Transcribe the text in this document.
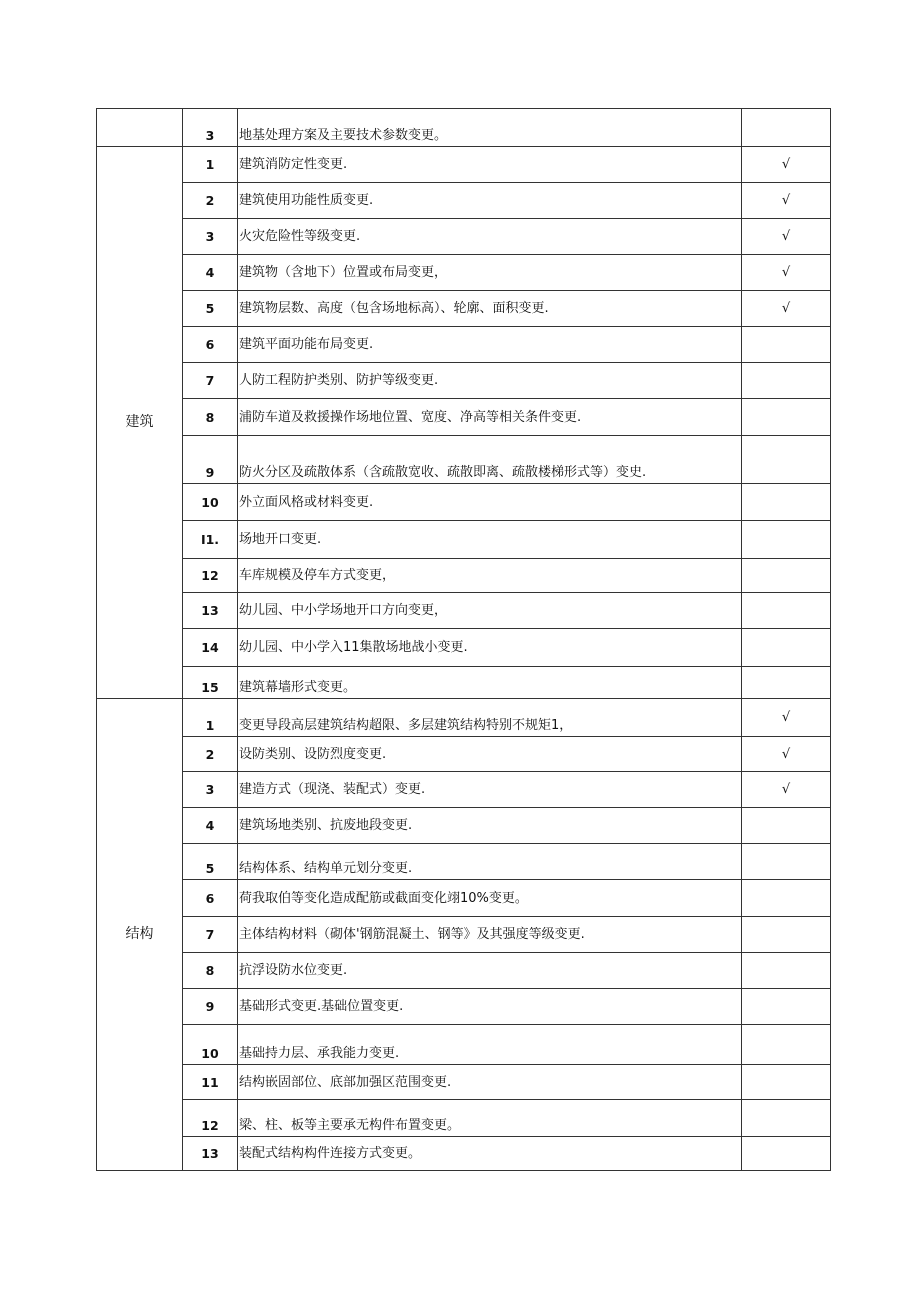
	3	地基处理方案及主要技术参数变更。	
建筑	1	建筑消防定性变更.	√
	2	建筑使用功能性质变更.	√
	3	火灾危险性等级变更.	√
	4	建筑物（含地下）位置或布局变更，	√
	5	建筑物层数、高度（包含场地标高）、轮廓、面积变更.	√
	6	建筑平面功能布局变更.	
	7	人防工程防护类别、防护等级变更.	
	8	浦防车道及救援操作场地位置、宽度、净高等相关条件变更.	
	9	防火分区及疏散体系（含疏散宽收、疏散即离、疏散楼梯形式等）变史.	
	10	外立面风格或材料变更.	
	I1.	场地开口变更.	
	12	车库规模及停车方式变更，	
	13	幼儿园、中小学场地开口方向变更，	
	14	幼儿园、中小学入11集散场地战小变更.	
	15	建筑幕墙形式变更。	
结构	1	变更导段高层建筑结构超限、多层建筑结构特别不规矩1，	√
	2	设防类别、设防烈度变更.	√
	3	建造方式（现浇、装配式）变更.	√
	4	建筑场地类别、抗废地段变更.	
	5	结构体系、结构单元划分变更.	
	6	荷我取伯等变化造成配筋或截面变化翊10%变更。	
	7	主体结构材料（砌体'钢筋混凝土、钢等》及其强度等级变更.	
	8	抗浮设防水位变更.	
	9	基础形式变更.基础位置变更.	
	10	基础持力层、承我能力变更.	
	11	结构嵌固部位、底部加强区范围变更.	
	12	梁、柱、板等主要承无构件布置变更。	
	13	装配式结构构件连接方式变更。	
